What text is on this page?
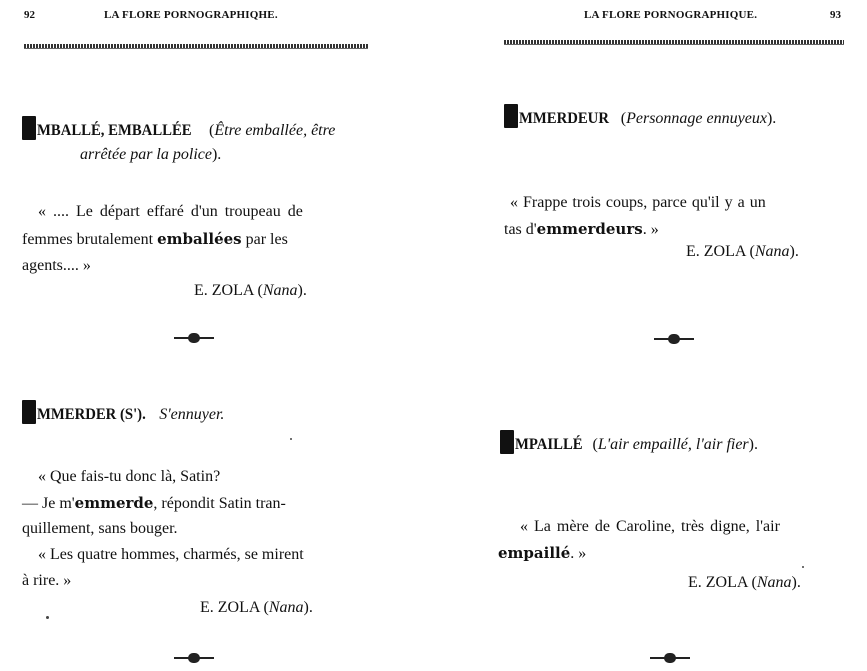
92	LA FLORE PORNOGRAPHIQHE.
MBALLÉ, EMBALLÉE (Être emballée, être
arrêtée par la police).
« .... Le départ effaré d'un troupeau de
femmes brutalement emballées par les
agents.... »
E. ZOLA (Nana).
MMERDER (S'). S'ennuyer.
« Que fais-tu donc là, Satin?
— Je m'emmerde, répondit Satin tran-
quillement, sans bouger.
« Les quatre hommes, charmés, se mirent
à rire. »
E. ZOLA (Nana).
LA FLORE PORNOGRAPHIQUE.	93
MMERDEUR (Personnage ennuyeux).
« Frappe trois coups, parce qu'il y a un
tas d'emmerdeurs. »
E. ZOLA (Nana).
MPAILLÉ (L'air empaillé, l'air fier).
« La mère de Caroline, très digne, l'air
empaillé. »
E. ZOLA (Nana).
